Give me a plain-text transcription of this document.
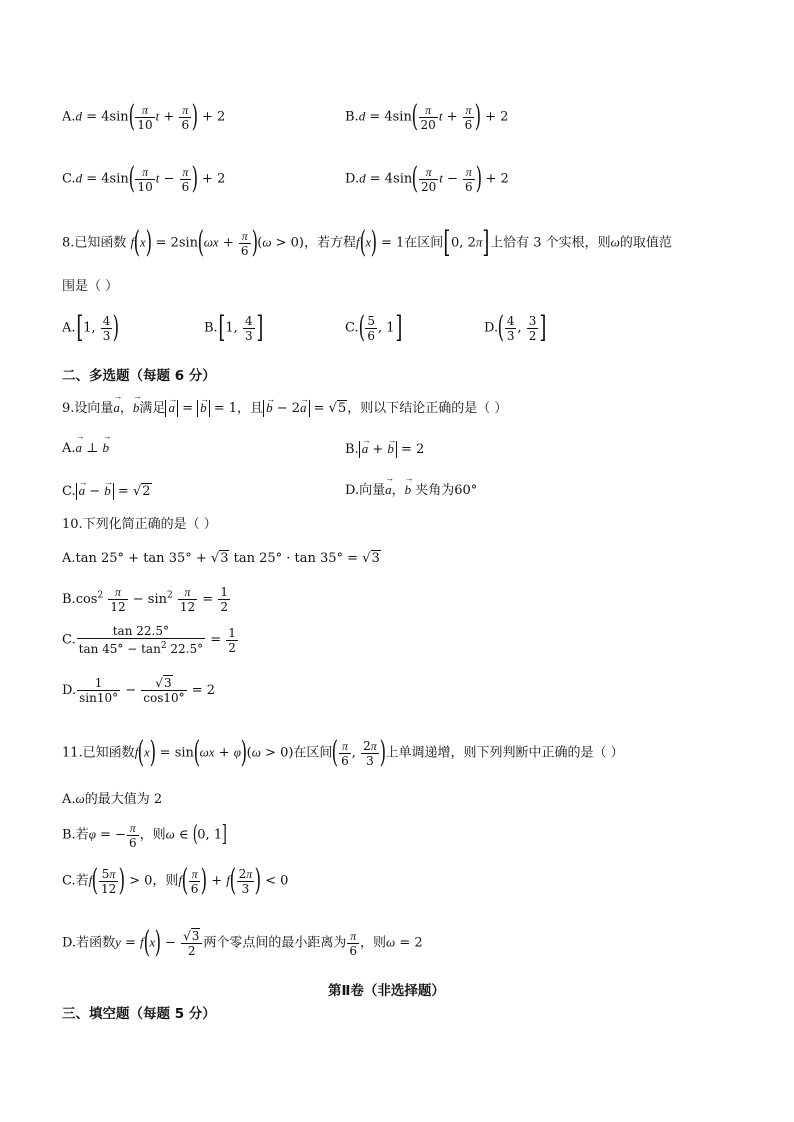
$A.d = 4\sin( \frac{\pi}{10}$ $t + \frac{\pi}{6}$ ) + 2	$B.d = 4\sin( \frac{\pi}{20}$ $t + \frac{\pi}{6}$ ) + 2
$C.d = 4\sin( \frac{\pi}{10}$ $t - \frac{\pi}{6}$ ) + 2	$D.d = 4\sin( \frac{\pi}{20}$ $t - \frac{\pi}{6}$ ) + 2
8.已知函数 $f(x) = 2\sin(\omega x + \frac{\pi}{6} )(\omega > 0)$，若方程f(x) = 1在区间[0, 2π]上恰有 3 个实根，则ω的取值范
围是（ ）
A.[1, $\frac{4}{3}$ )	B.[1, $\frac{4}{3}$ ]	$C.( \frac{5}{6}$ , 1]	$D.( \frac{4}{3}$ , $\frac{3}{2}$ ]
二、多选题（每题 6 分）
9.设向量→ a，→ b满足 → a = → b = 1，且 → b − 2→ a = √5，则以下结论正确的是（ ）
A.→ a ⊥ → b	B. → a + → b = 2
C. → a − → b = √2	D.向量→ a，→ b 夹角为60°
10.下列化简正确的是（ ）
A.tan 25° + tan 35° + √3 tan 25° · tan 35° = √3
$B.\cos^2 \frac{\pi}{12} - \sin^2 \frac{\pi}{12} = \frac{1}{2}$
C. $\frac{\tan 22.5^\circ}{\tan 45^\circ - \tan^2 22.5^\circ} = \frac{1}{2}$
D. $\frac{1}{\sin 10^\circ} - \frac{√3}{\cos 10^\circ} = 2$
11.已知函数f(x) = sin(ωx + φ)(ω > 0)在区间( $\frac{\pi}{6}$ , $\frac{2\pi}{3}$ )上单调递增，则下列判断中正确的是（ ）
A.ω的最大值为 2
B.若φ = − $\frac{\pi}{6}$ ，则ω ∈ (0, 1]
C.若$f( \frac{5\pi}{12}$ ) > 0，则$f( \frac{\pi}{6}$ ) + $f( \frac{2\pi}{3}$ ) < 0
D.若函数$y = f(x) - \frac{√3}{2}$ 两个零点间的最小距离为 $\frac{\pi}{6}$ ，则ω = 2
第Ⅱ卷（非选择题）
三、填空题（每题 5 分）
